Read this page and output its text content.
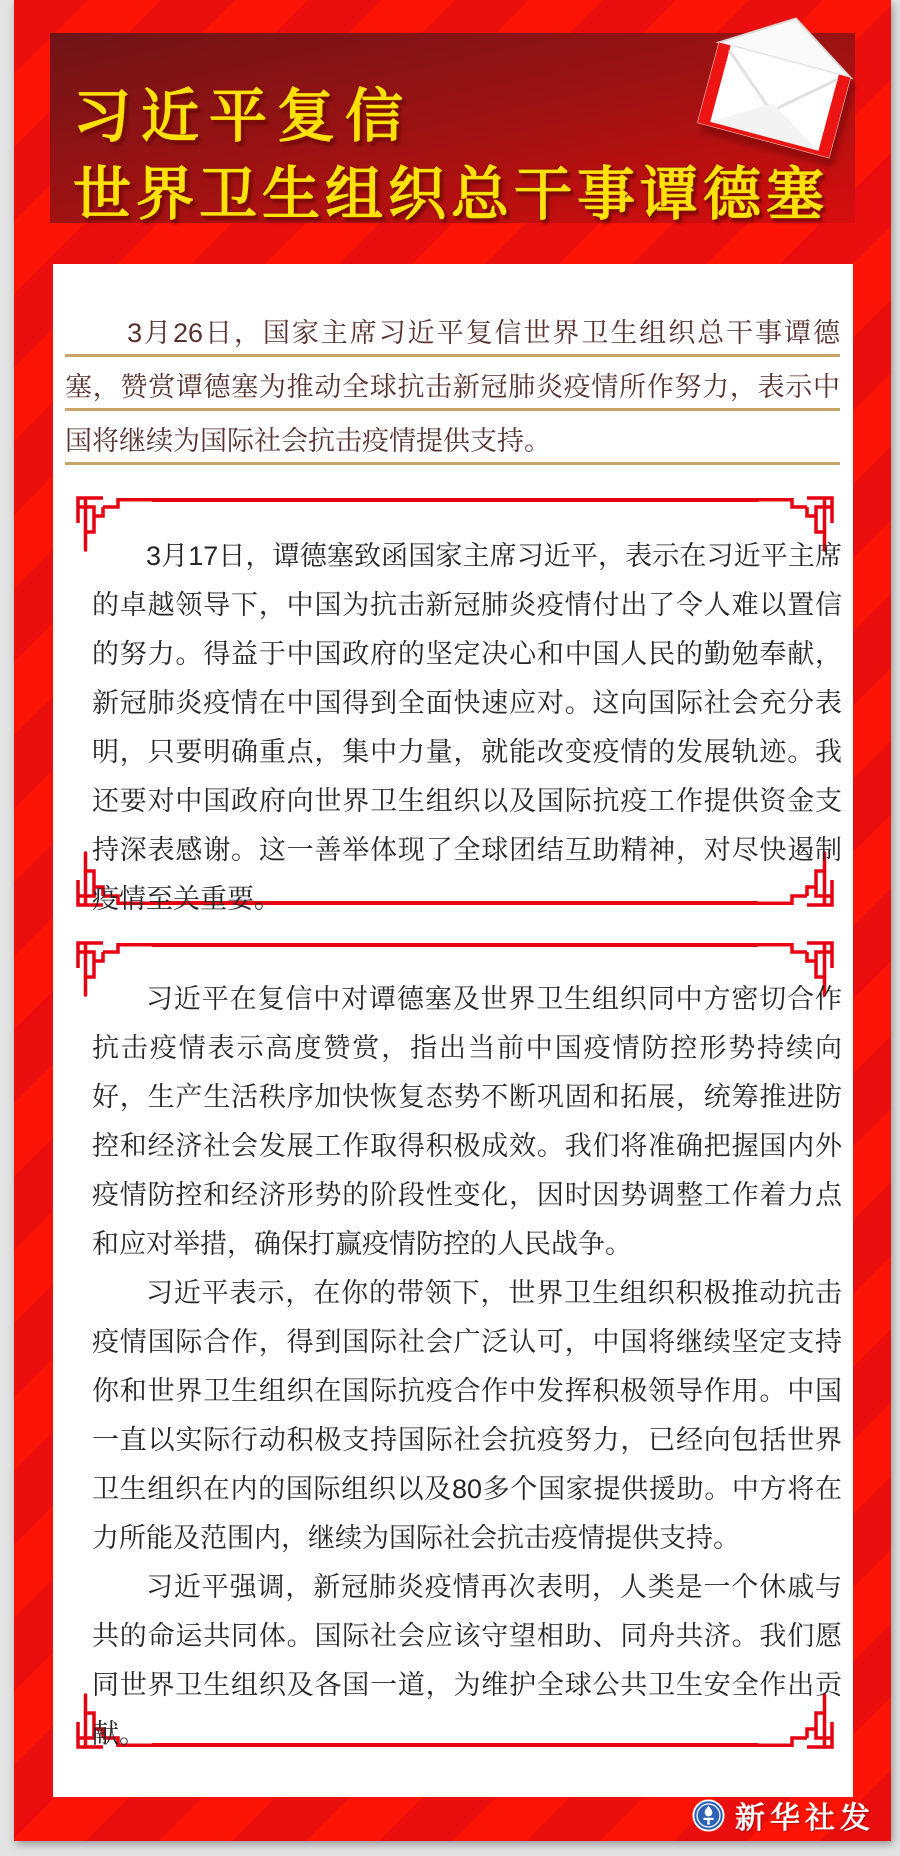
习近平复信
世界卫生组织总干事谭德塞

3月26日，国家主席习近平复信世界卫生组织总干事谭德塞，赞赏谭德塞为推动全球抗击新冠肺炎疫情所作努力，表示中国将继续为国际社会抗击疫情提供支持。

3月17日，谭德塞致函国家主席习近平，表示在习近平主席的卓越领导下，中国为抗击新冠肺炎疫情付出了令人难以置信的努力。得益于中国政府的坚定决心和中国人民的勤勉奉献，新冠肺炎疫情在中国得到全面快速应对。这向国际社会充分表明，只要明确重点，集中力量，就能改变疫情的发展轨迹。我还要对中国政府向世界卫生组织以及国际抗疫工作提供资金支持深表感谢。这一善举体现了全球团结互助精神，对尽快遏制疫情至关重要。

习近平在复信中对谭德塞及世界卫生组织同中方密切合作抗击疫情表示高度赞赏，指出当前中国疫情防控形势持续向好，生产生活秩序加快恢复态势不断巩固和拓展，统筹推进防控和经济社会发展工作取得积极成效。我们将准确把握国内外疫情防控和经济形势的阶段性变化，因时因势调整工作着力点和应对举措，确保打赢疫情防控的人民战争。

习近平表示，在你的带领下，世界卫生组织积极推动抗击疫情国际合作，得到国际社会广泛认可，中国将继续坚定支持你和世界卫生组织在国际抗疫合作中发挥积极领导作用。中国一直以实际行动积极支持国际社会抗疫努力，已经向包括世界卫生组织在内的国际组织以及80多个国家提供援助。中方将在力所能及范围内，继续为国际社会抗击疫情提供支持。

习近平强调，新冠肺炎疫情再次表明，人类是一个休戚与共的命运共同体。国际社会应该守望相助、同舟共济。我们愿同世界卫生组织及各国一道，为维护全球公共卫生安全作出贡献。

新华社发
